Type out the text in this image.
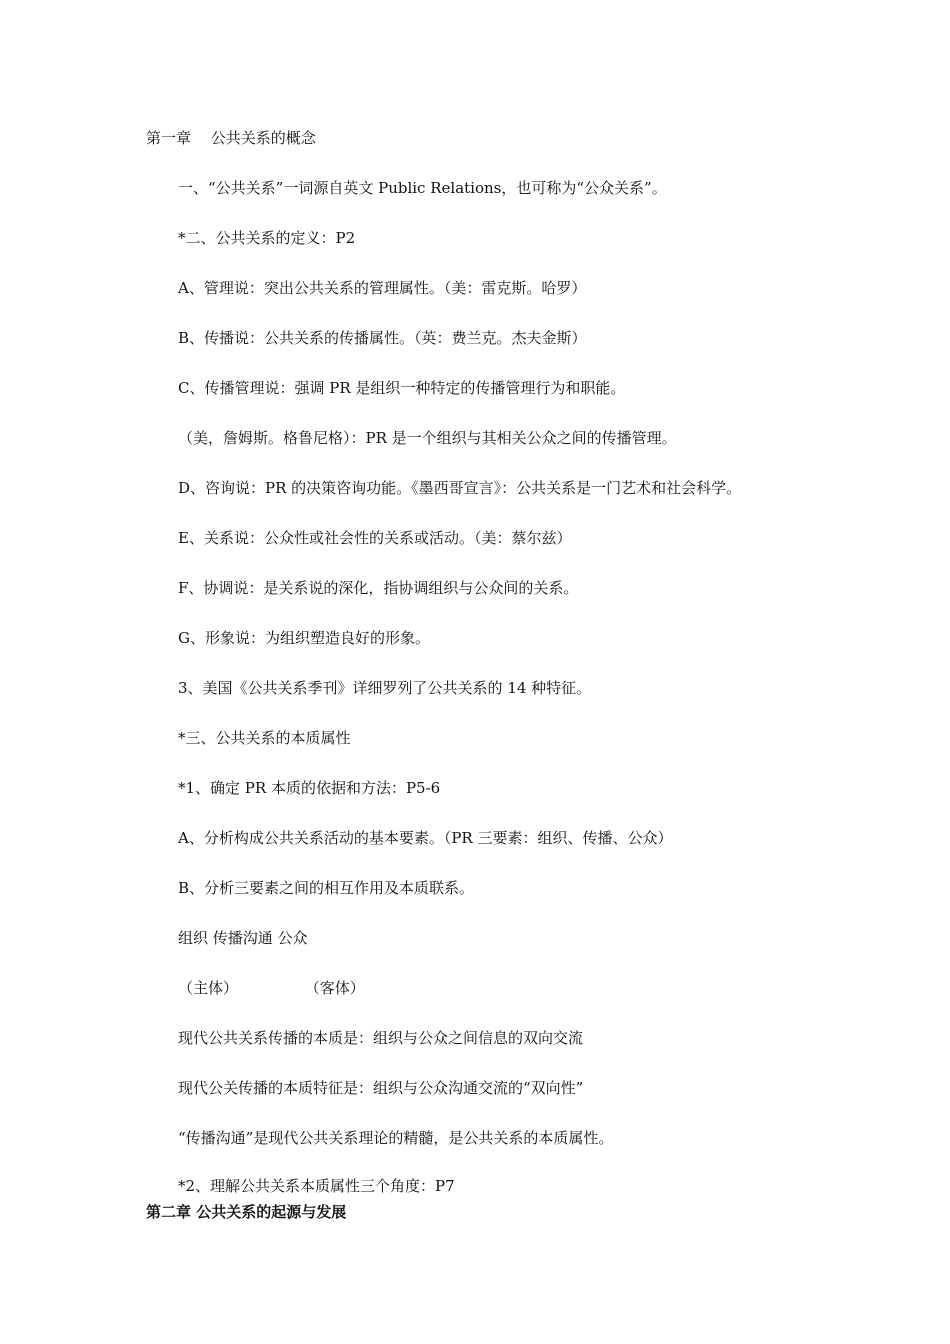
第一章　 公共关系的概念
一、“公共关系”一词源自英文 Public Relations，也可称为“公众关系”。
*二、公共关系的定义：P2
A、管理说：突出公共关系的管理属性。（美：雷克斯。哈罗）
B、传播说：公共关系的传播属性。（英：费兰克。杰夫金斯）
C、传播管理说：强调 PR 是组织一种特定的传播管理行为和职能。
（美，詹姆斯。格鲁尼格）：PR 是一个组织与其相关公众之间的传播管理。
D、咨询说：PR 的决策咨询功能。《墨西哥宣言》：公共关系是一门艺术和社会科学。
E、关系说：公众性或社会性的关系或活动。（美：蔡尔兹）
F、协调说：是关系说的深化，指协调组织与公众间的关系。
G、形象说：为组织塑造良好的形象。
3、美国《公共关系季刊》详细罗列了公共关系的 14 种特征。
*三、公共关系的本质属性
*1、确定 PR 本质的依据和方法：P5-6
A、分析构成公共关系活动的基本要素。（PR 三要素：组织、传播、公众）
B、分析三要素之间的相互作用及本质联系。
组织 传播沟通 公众
（主体）              （客体）
现代公共关系传播的本质是：组织与公众之间信息的双向交流
现代公关传播的本质特征是：组织与公众沟通交流的“双向性”
“传播沟通”是现代公共关系理论的精髓，是公共关系的本质属性。
*2、理解公共关系本质属性三个角度：P7
第二章 公共关系的起源与发展
